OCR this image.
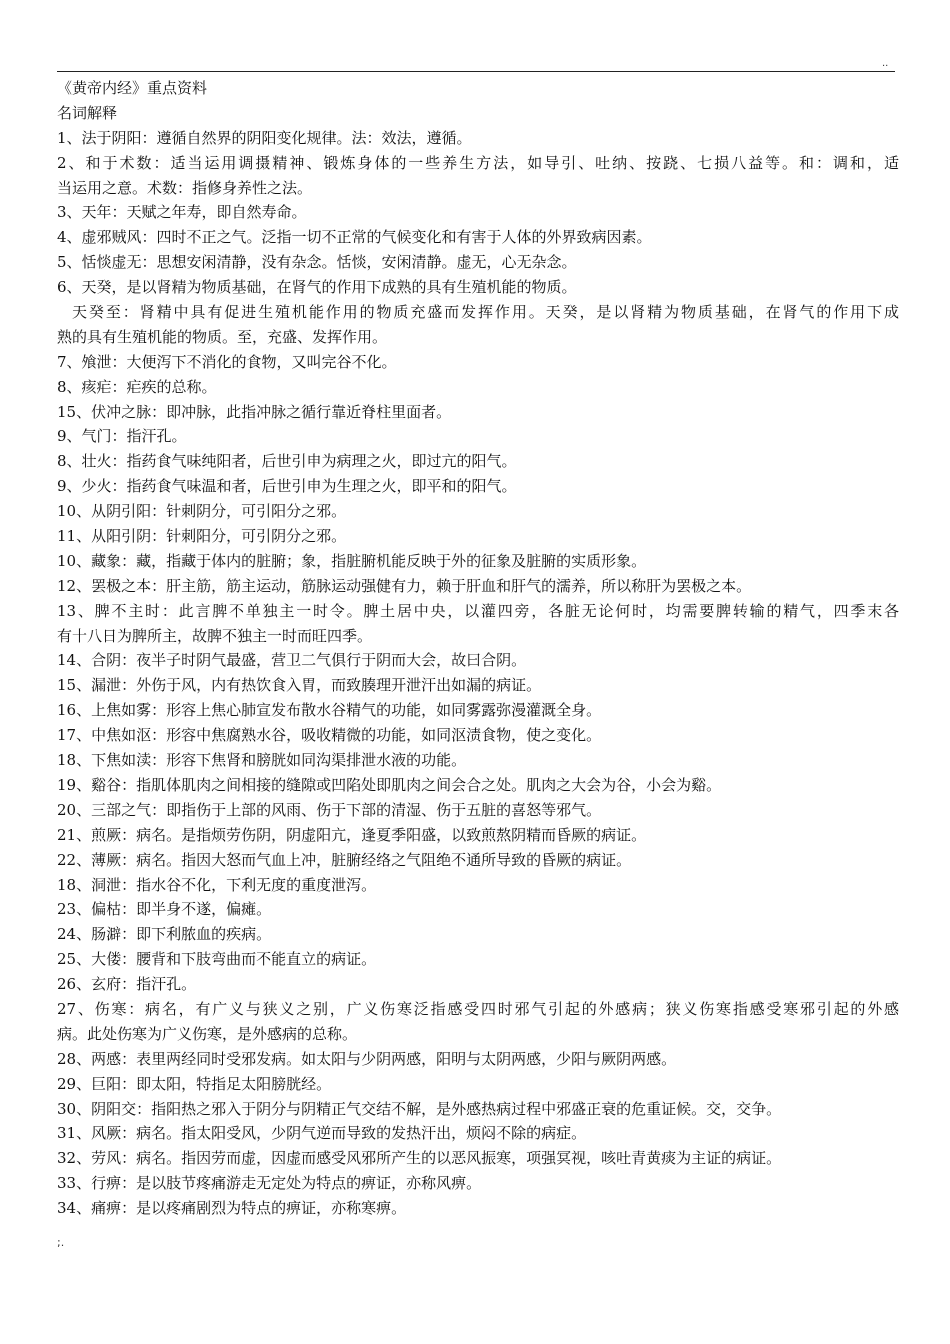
..
《黄帝内经》重点资料
名词解释
1、法于阴阳：遵循自然界的阴阳变化规律。法：效法，遵循。
2、和于术数：适当运用调摄精神、锻炼身体的一些养生方法，如导引、吐纳、按跷、七损八益等。和：调和，适
当运用之意。术数：指修身养性之法。
3、天年：天赋之年寿，即自然寿命。
4、虚邪贼风：四时不正之气。泛指一切不正常的气候变化和有害于人体的外界致病因素。
5、恬惔虚无：思想安闲清静，没有杂念。恬惔，安闲清静。虚无，心无杂念。
6、天癸，是以肾精为物质基础，在肾气的作用下成熟的具有生殖机能的物质。
天癸至：肾精中具有促进生殖机能作用的物质充盛而发挥作用。天癸，是以肾精为物质基础，在肾气的作用下成
熟的具有生殖机能的物质。至，充盛、发挥作用。
7、飧泄：大便泻下不消化的食物，又叫完谷不化。
8、痎疟：疟疾的总称。
15、伏冲之脉：即冲脉，此指冲脉之循行靠近脊柱里面者。
9、气门：指汗孔。
8、壮火：指药食气味纯阳者，后世引申为病理之火，即过亢的阳气。
9、少火：指药食气味温和者，后世引申为生理之火，即平和的阳气。
10、从阴引阳：针刺阴分，可引阳分之邪。
11、从阳引阴：针刺阳分，可引阴分之邪。
10、藏象：藏，指藏于体内的脏腑；象，指脏腑机能反映于外的征象及脏腑的实质形象。
12、罢极之本：肝主筋，筋主运动，筋脉运动强健有力，赖于肝血和肝气的濡养，所以称肝为罢极之本。
13、脾不主时：此言脾不单独主一时令。脾土居中央，以灌四旁，各脏无论何时，均需要脾转输的精气，四季末各
有十八日为脾所主，故脾不独主一时而旺四季。
14、合阴：夜半子时阴气最盛，营卫二气俱行于阴而大会，故曰合阴。
15、漏泄：外伤于风，内有热饮食入胃，而致腠理开泄汗出如漏的病证。
16、上焦如雾：形容上焦心肺宣发布散水谷精气的功能，如同雾露弥漫灌溉全身。
17、中焦如沤：形容中焦腐熟水谷，吸收精微的功能，如同沤渍食物，使之变化。
18、下焦如渎：形容下焦肾和膀胱如同沟渠排泄水液的功能。
19、谿谷：指肌体肌肉之间相接的缝隙或凹陷处即肌肉之间会合之处。肌肉之大会为谷，小会为谿。
20、三部之气：即指伤于上部的风雨、伤于下部的清湿、伤于五脏的喜怒等邪气。
21、煎厥：病名。是指烦劳伤阴，阴虚阳亢，逢夏季阳盛，以致煎熬阴精而昏厥的病证。
22、薄厥：病名。指因大怒而气血上冲，脏腑经络之气阻绝不通所导致的昏厥的病证。
18、洞泄：指水谷不化，下利无度的重度泄泻。
23、偏枯：即半身不遂，偏瘫。
24、肠澼：即下利脓血的疾病。
25、大偻：腰背和下肢弯曲而不能直立的病证。
26、玄府：指汗孔。
27、伤寒：病名，有广义与狭义之别，广义伤寒泛指感受四时邪气引起的外感病；狭义伤寒指感受寒邪引起的外感
病。此处伤寒为广义伤寒，是外感病的总称。
28、两感：表里两经同时受邪发病。如太阳与少阴两感，阳明与太阴两感，少阳与厥阴两感。
29、巨阳：即太阳，特指足太阳膀胱经。
30、阴阳交：指阳热之邪入于阴分与阴精正气交结不解，是外感热病过程中邪盛正衰的危重证候。交，交争。
31、风厥：病名。指太阳受风，少阴气逆而导致的发热汗出，烦闷不除的病症。
32、劳风：病名。指因劳而虚，因虚而感受风邪所产生的以恶风振寒，项强冥视，咳吐青黄痰为主证的病证。
33、行痹：是以肢节疼痛游走无定处为特点的痹证，亦称风痹。
34、痛痹：是以疼痛剧烈为特点的痹证，亦称寒痹。
;.
